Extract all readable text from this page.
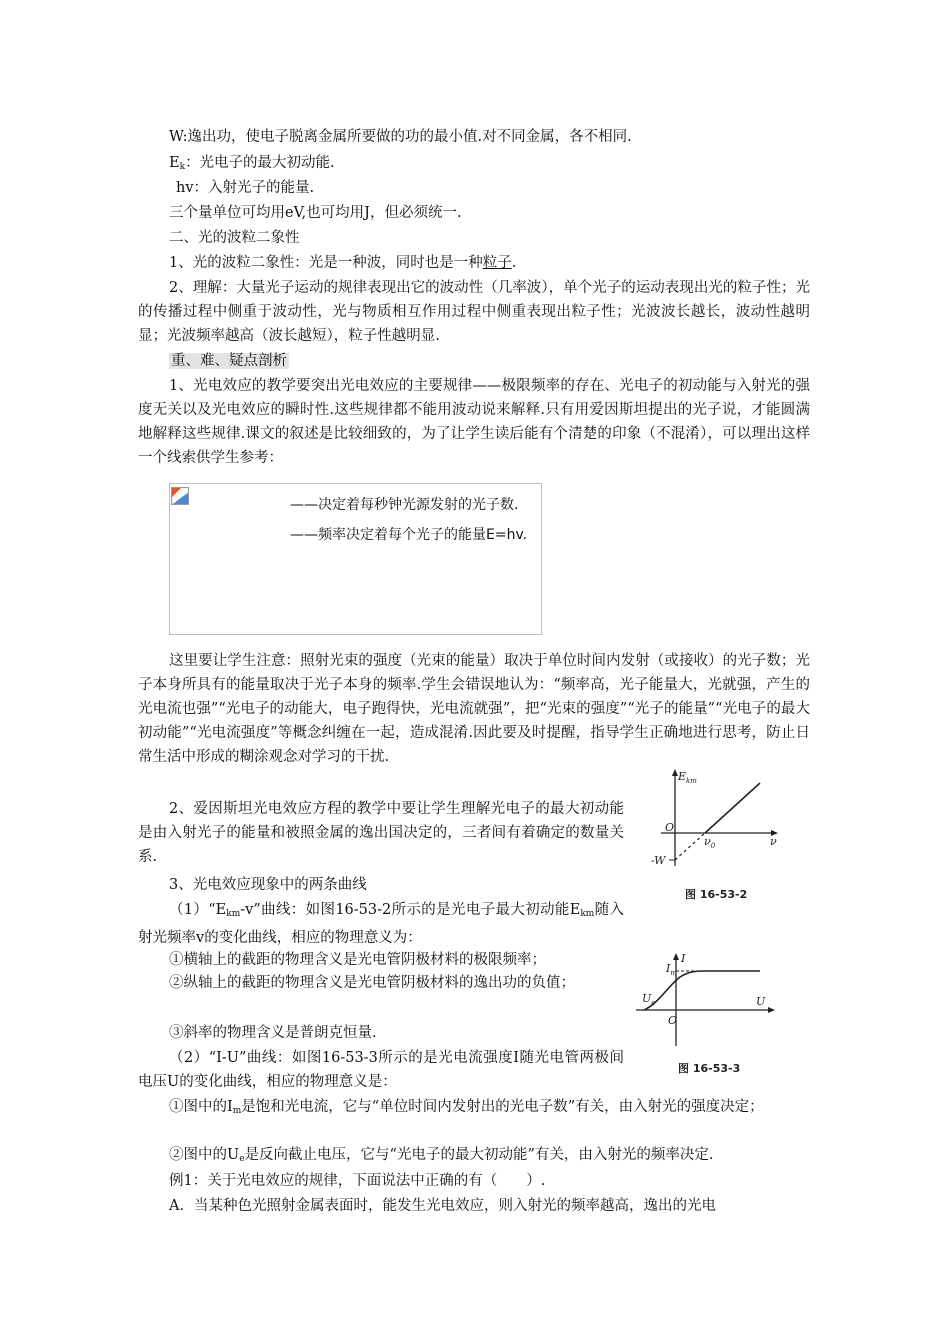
W:逸出功，使电子脱离金属所要做的功的最小值.对不同金属，各不相同.
$E_k$：光电子的最大初动能.
hv：入射光子的能量.
三个量单位可均用eV,也可均用J，但必须统一.
二、光的波粒二象性
1、光的波粒二象性：光是一种波，同时也是一种粒子.
2、理解：大量光子运动的规律表现出它的波动性（几率波），单个光子的运动表现出光的粒子性；光的传播过程中侧重于波动性，光与物质相互作用过程中侧重表现出粒子性；光波波长越长，波动性越明显；光波频率越高（波长越短），粒子性越明显.
重、难、疑点剖析
1、光电效应的教学要突出光电效应的主要规律——极限频率的存在、光电子的初动能与入射光的强度无关以及光电效应的瞬时性.这些规律都不能用波动说来解释.只有用爱因斯坦提出的光子说，才能圆满地解释这些规律.课文的叙述是比较细致的，为了让学生读后能有个清楚的印象（不混淆），可以理出这样一个线索供学生参考：
——决定着每秒钟光源发射的光子数.
——频率决定着每个光子的能量E=hv.
这里要让学生注意：照射光束的强度（光束的能量）取决于单位时间内发射（或接收）的光子数；光子本身所具有的能量取决于光子本身的频率.学生会错误地认为：“频率高，光子能量大，光就强，产生的光电流也强”“光电子的动能大，电子跑得快，光电流就强”，把“光束的强度”“光子的能量”“光电子的最大初动能”“光电流强度”等概念纠缠在一起，造成混淆.因此要及时提醒，指导学生正确地进行思考，防止日常生活中形成的糊涂观念对学习的干扰.
2、爱因斯坦光电效应方程的教学中要让学生理解光电子的最大初动能是由入射光子的能量和被照金属的逸出国决定的，三者间有着确定的数量关系.
3、光电效应现象中的两条曲线
$(1)“E_{km}-v$”曲线：如图16-53-2所示的是光电子最大初动能$E_{km}$随入射光频率v的变化曲线，相应的物理意义为：
①横轴上的截距的物理含义是光电管阴极材料的极限频率；
②纵轴上的截距的物理含义是光电管阴极材料的逸出功的负值；
③斜率的物理含义是普朗克恒量.
（2）“I-U”曲线：如图16-53-3所示的是光电流强度I随光电管两极间电压U的变化曲线，相应的物理意义是：
①图中的$I_m$是饱和光电流，它与“单位时间内发射出的光电子数”有关，由入射光的强度决定；
②图中的$U_e$是反向截止电压，它与“光电子的最大初动能”有关，由入射光的频率决定.
例1：关于光电效应的规律，下面说法中正确的有（　　）.
A．当某种色光照射金属表面时，能发生光电效应，则入射光的频率越高，逸出的光电
$E_{km}$
O
$\nu_0$	ν
-W
图 16-53-2
I
$I_m$
$U_e$	U
O
图 16-53-3
